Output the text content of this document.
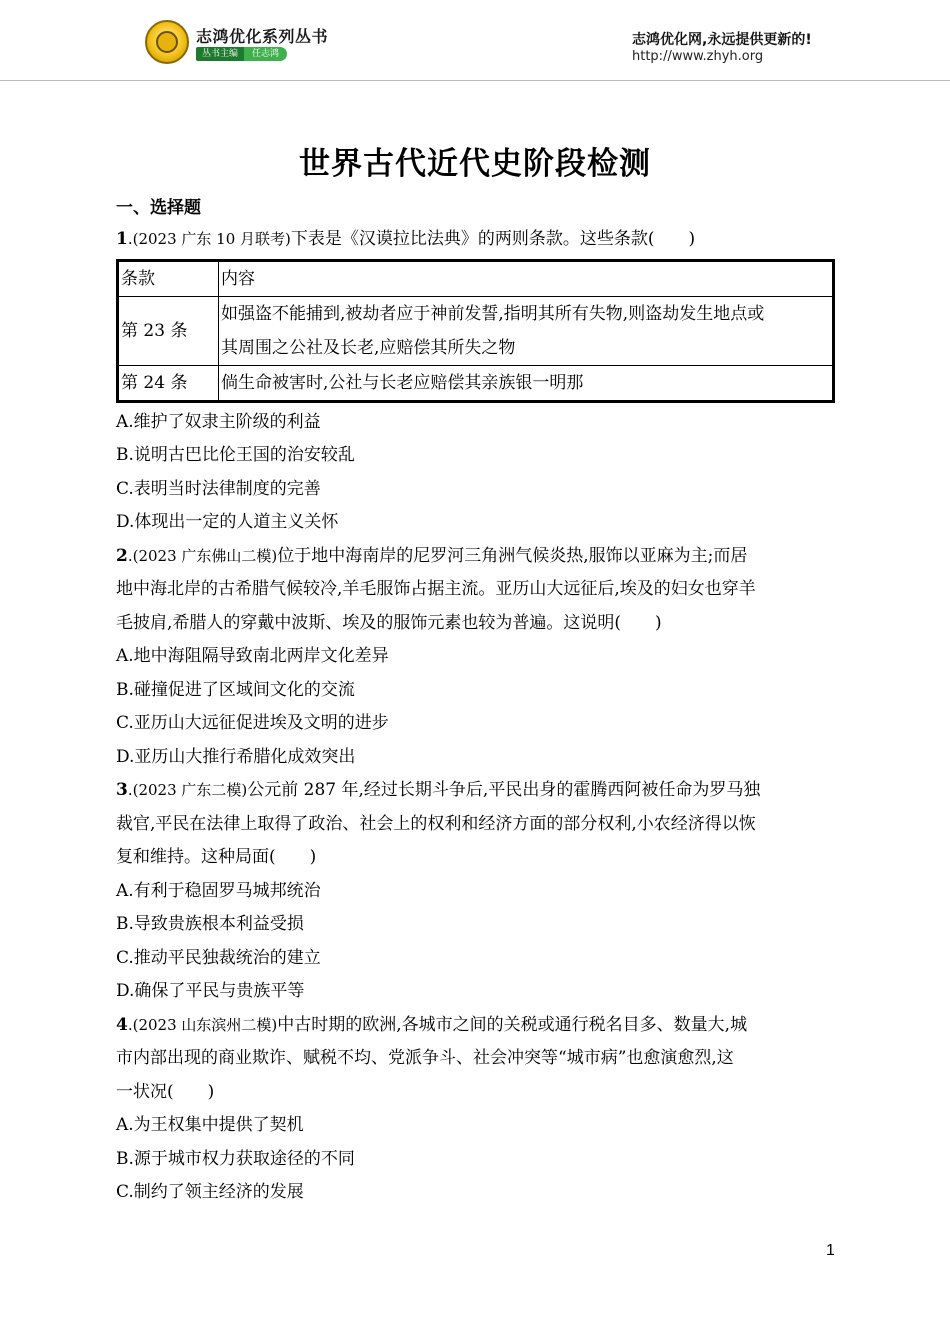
志鸿优化系列丛书
丛书主编	任志鸿
志鸿优化网,永远提供更新的!
http://www.zhyh.org
世界古代近代史阶段检测
一、选择题
1.(2023 广东 10 月联考)下表是《汉谟拉比法典》的两则条款。这些条款(　　)
条款	内容
第 23 条	如强盗不能捕到,被劫者应于神前发誓,指明其所有失物,则盗劫发生地点或
其周围之公社及长老,应赔偿其所失之物

第 24 条	倘生命被害时,公社与长老应赔偿其亲族银一明那
A.维护了奴隶主阶级的利益
B.说明古巴比伦王国的治安较乱
C.表明当时法律制度的完善
D.体现出一定的人道主义关怀
2.(2023 广东佛山二模)位于地中海南岸的尼罗河三角洲气候炎热,服饰以亚麻为主;而居
地中海北岸的古希腊气候较冷,羊毛服饰占据主流。亚历山大远征后,埃及的妇女也穿羊
毛披肩,希腊人的穿戴中波斯、埃及的服饰元素也较为普遍。这说明(　　)
A.地中海阻隔导致南北两岸文化差异
B.碰撞促进了区域间文化的交流
C.亚历山大远征促进埃及文明的进步
D.亚历山大推行希腊化成效突出
3.(2023 广东二模)公元前 287 年,经过长期斗争后,平民出身的霍腾西阿被任命为罗马独
裁官,平民在法律上取得了政治、社会上的权利和经济方面的部分权利,小农经济得以恢
复和维持。这种局面(　　)
A.有利于稳固罗马城邦统治
B.导致贵族根本利益受损
C.推动平民独裁统治的建立
D.确保了平民与贵族平等
4.(2023 山东滨州二模)中古时期的欧洲,各城市之间的关税或通行税名目多、数量大,城
市内部出现的商业欺诈、赋税不均、党派争斗、社会冲突等“城市病”也愈演愈烈,这
一状况(　　)
A.为王权集中提供了契机
B.源于城市权力获取途径的不同
C.制约了领主经济的发展
1
